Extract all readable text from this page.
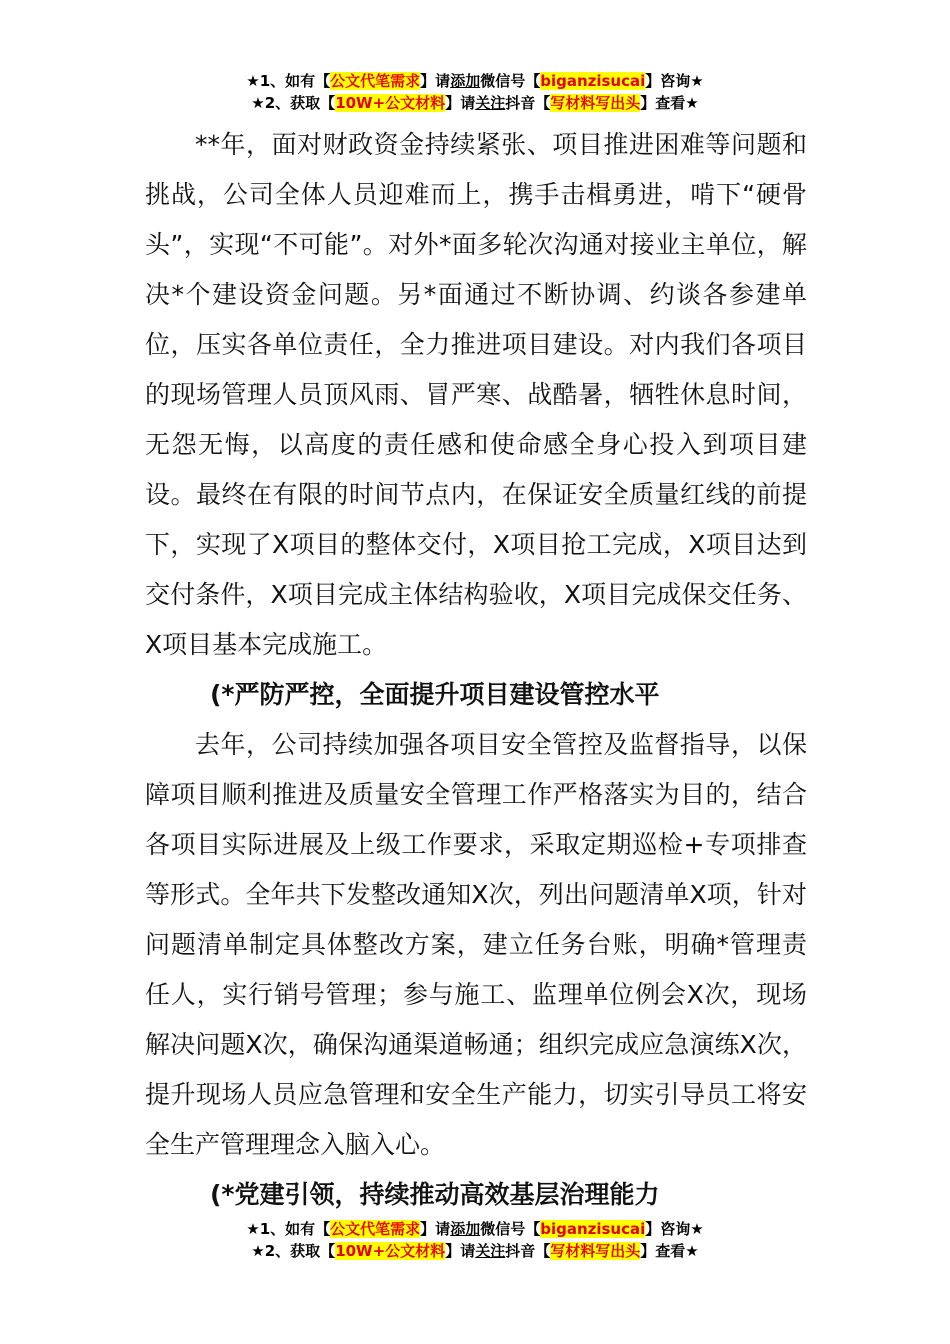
★1、如有【公文代笔需求】请添加微信号【biganzisucai】咨询★
★2、获取【10W+公文材料】请关注抖音【写材料写出头】查看★

**年，面对财政资金持续紧张、项目推进困难等问题和挑战，公司全体人员迎难而上，携手击楫勇进，啃下“硬骨头”，实现“不可能”。对外*面多轮次沟通对接业主单位，解决*个建设资金问题。另*面通过不断协调、约谈各参建单位，压实各单位责任，全力推进项目建设。对内我们各项目的现场管理人员顶风雨、冒严寒、战酷暑，牺牲休息时间，无怨无悔，以高度的责任感和使命感全身心投入到项目建设。最终在有限的时间节点内，在保证安全质量红线的前提下，实现了X项目的整体交付，X项目抢工完成，X项目达到交付条件，X项目完成主体结构验收，X项目完成保交任务、X项目基本完成施工。

(*严防严控，全面提升项目建设管控水平

去年，公司持续加强各项目安全管控及监督指导，以保障项目顺利推进及质量安全管理工作严格落实为目的，结合各项目实际进展及上级工作要求，采取定期巡检+专项排查等形式。全年共下发整改通知X次，列出问题清单X项，针对问题清单制定具体整改方案，建立任务台账，明确*管理责任人，实行销号管理；参与施工、监理单位例会X次，现场解决问题X次，确保沟通渠道畅通；组织完成应急演练X次，提升现场人员应急管理和安全生产能力，切实引导员工将安全生产管理理念入脑入心。

(*党建引领，持续推动高效基层治理能力

★1、如有【公文代笔需求】请添加微信号【biganzisucai】咨询★
★2、获取【10W+公文材料】请关注抖音【写材料写出头】查看★
